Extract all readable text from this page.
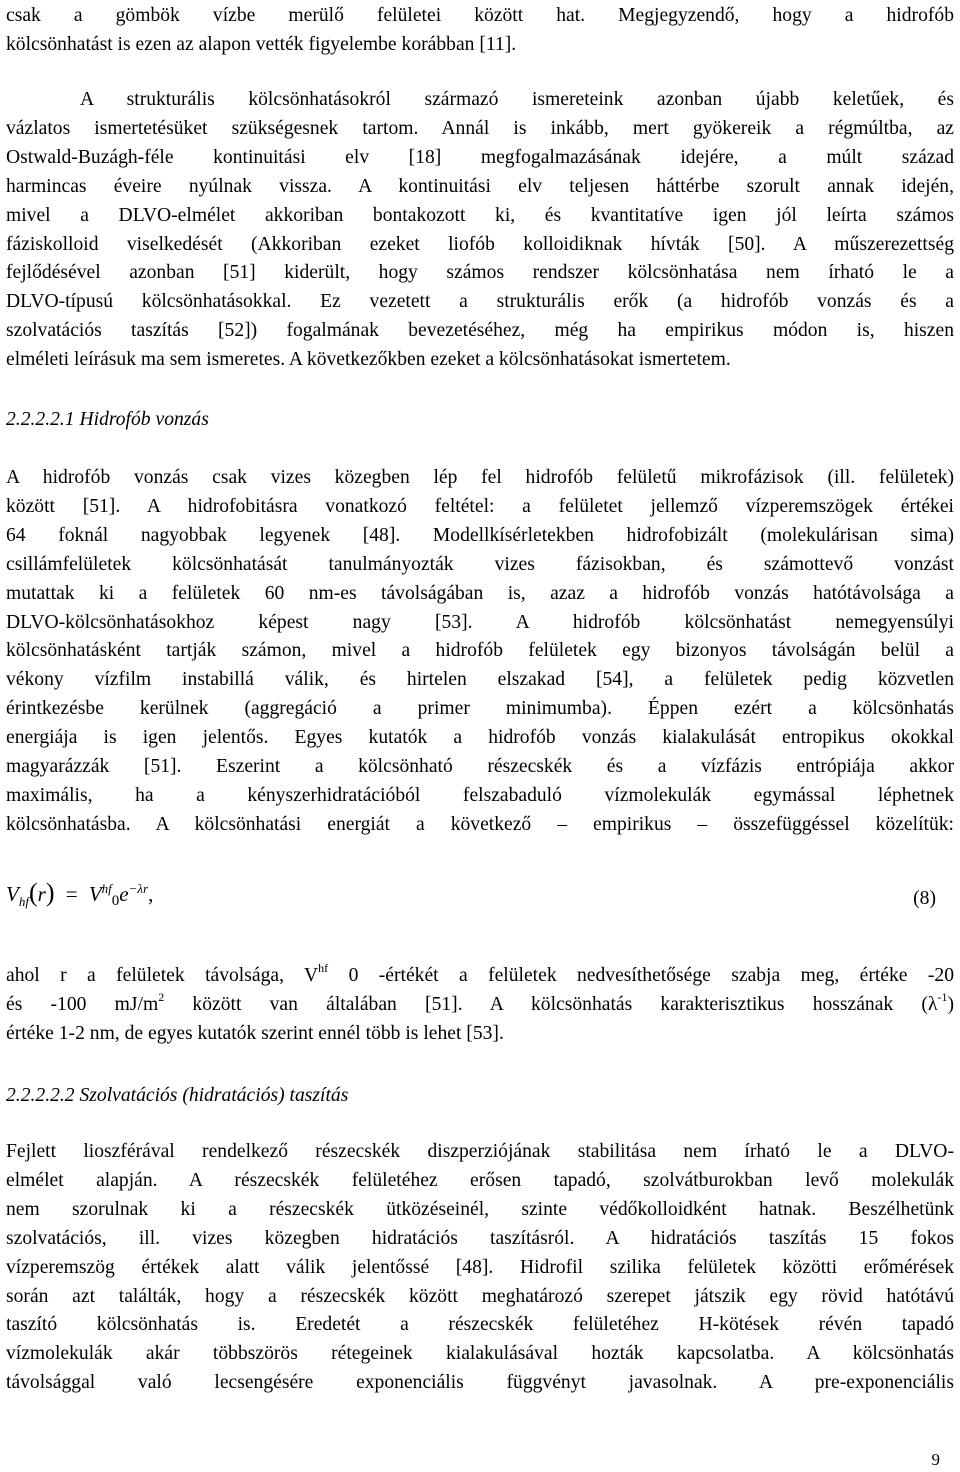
csak a gömbök vízbe merülő felületei között hat. Megjegyzendő, hogy a hidrofób
kölcsönhatást is ezen az alapon vették figyelembe korábban [11].
A strukturális kölcsönhatásokról származó ismereteink azonban újabb keletűek, és
vázlatos ismertetésüket szükségesnek tartom. Annál is inkább, mert gyökereik a régmúltba, az
Ostwald-Buzágh-féle kontinuitási elv [18] megfogalmazásának idejére, a múlt század
harmincas éveire nyúlnak vissza. A kontinuitási elv teljesen háttérbe szorult annak idején,
mivel a DLVO-elmélet akkoriban bontakozott ki, és kvantitatíve igen jól leírta számos
fáziskolloid viselkedését (Akkoriban ezeket liofób kolloidiknak hívták [50]. A műszerezettség
fejlődésével azonban [51] kiderült, hogy számos rendszer kölcsönhatása nem írható le a
DLVO-típusú kölcsönhatásokkal. Ez vezetett a strukturális erők (a hidrofób vonzás és a
szolvatációs taszítás [52]) fogalmának bevezetéséhez, még ha empirikus módon is, hiszen
elméleti leírásuk ma sem ismeretes. A következőkben ezeket a kölcsönhatásokat ismertetem.
2.2.2.2.1 Hidrofób vonzás
A hidrofób vonzás csak vizes közegben lép fel hidrofób felületű mikrofázisok (ill. felületek)
között [51]. A hidrofobitásra vonatkozó feltétel: a felületet jellemző vízperemszögek értékei
64 foknál nagyobbak legyenek [48]. Modellkísérletekben hidrofobizált (molekulárisan sima)
csillámfelületek kölcsönhatását tanulmányozták vizes fázisokban, és számottevő vonzást
mutattak ki a felületek 60 nm-es távolságában is, azaz a hidrofób vonzás hatótávolsága a
DLVO-kölcsönhatásokhoz képest nagy [53]. A hidrofób kölcsönhatást nemegyensúlyi
kölcsönhatásként tartják számon, mivel a hidrofób felületek egy bizonyos távolságán belül a
vékony vízfilm instabillá válik, és hirtelen elszakad [54], a felületek pedig közvetlen
érintkezésbe kerülnek (aggregáció a primer minimumba). Éppen ezért a kölcsönhatás
energiája is igen jelentős. Egyes kutatók a hidrofób vonzás kialakulását entropikus okokkal
magyarázzák [51]. Eszerint a kölcsönható részecskék és a vízfázis entrópiája akkor
maximális, ha a kényszerhidratációból felszabaduló vízmolekulák egymással léphetnek
kölcsönhatásba. A kölcsönhatási energiát a következő – empirikus – összefüggéssel közelítük:
$V_{hf}(r) = V^{hf}0e^{-\lambda r}$,	(8)
ahol r a felületek távolsága, $V^{hf}$ 0 -értékét a felületek nedvesíthetősége szabja meg, értéke -20
és -100 $mJ/m^2$ között van általában [51]. A kölcsönhatás karakterisztikus hosszának $(\lambda^{-1})$
értéke 1-2 nm, de egyes kutatók szerint ennél több is lehet [53].
2.2.2.2.2 Szolvatációs (hidratációs) taszítás
Fejlett lioszférával rendelkező részecskék diszperziójának stabilitása nem írható le a DLVO-
elmélet alapján. A részecskék felületéhez erősen tapadó, szolvátburokban levő molekulák
nem szorulnak ki a részecskék ütközéseinél, szinte védőkolloidként hatnak. Beszélhetünk
szolvatációs, ill. vizes közegben hidratációs taszításról. A hidratációs taszítás 15 fokos
vízperemszög értékek alatt válik jelentőssé [48]. Hidrofil szilika felületek közötti erőmérések
során azt találták, hogy a részecskék között meghatározó szerepet játszik egy rövid hatótávú
taszító kölcsönhatás is. Eredetét a részecskék felületéhez H-kötések révén tapadó
vízmolekulák akár többszörös rétegeinek kialakulásával hozták kapcsolatba. A kölcsönhatás
távolsággal való lecsengésére exponenciális függvényt javasolnak. A pre-exponenciális
9
